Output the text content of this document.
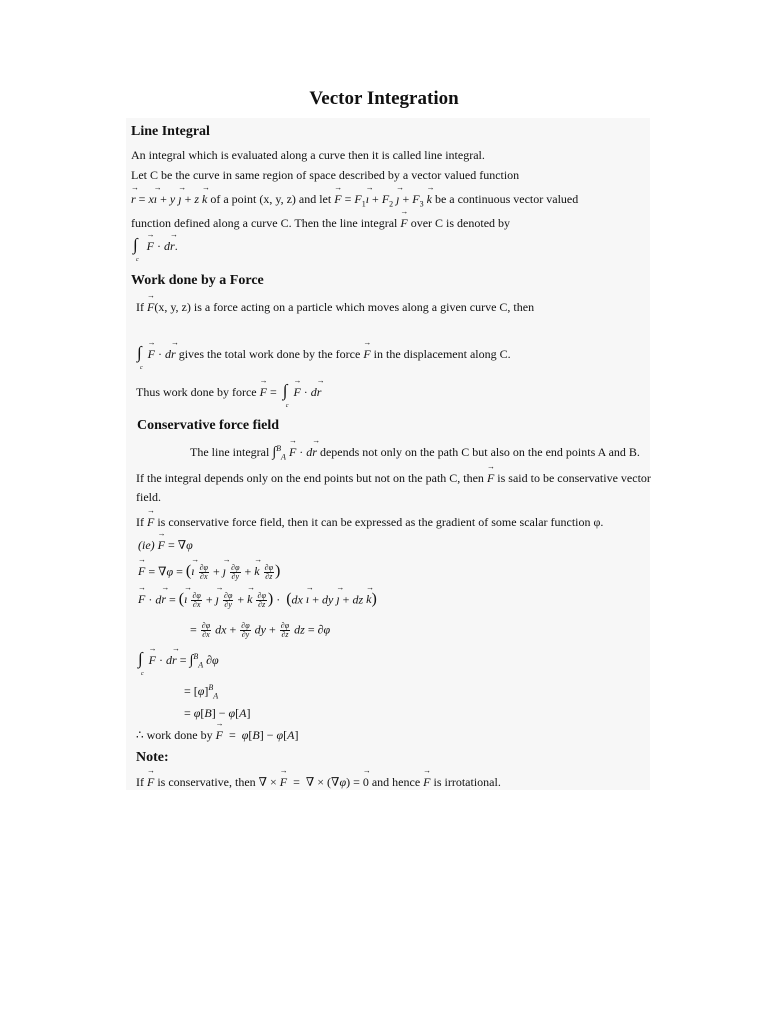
Vector Integration
Line Integral
An integral which is evaluated along a curve then it is called line integral.
Let C be the curve in same region of space described by a vector valued function
→ r = x→ ı + y → ȷ + z → k of a point (x, y, z) and let → $F = F_1\to$ ı + $F_2$ → ȷ + $F_3 \to k$ be a continuous vector valued
function defined along a curve C. Then the line integral → F over C is denoted by
∫
c
→ F · d→ r.
Work done by a Force
If → F(x, y, z) is a force acting on a particle which moves along a given curve C, then
∫
c
→ F · d→ r gives the total work done by the force → F in the displacement along C.
Thus work done by force → F =  ∫
c
→ F · d→ r
Conservative force field
The line integral ∫$^B_A$ → F · d→ r depends not only on the path C but also on the end points A and B.
If the integral depends only on the end points but not on the path C, then → F is said to be conservative vector
field.
If → F is conservative force field, then it can be expressed as the gradient of some scalar function φ.
(ie) → F = ∇φ
→ F = ∇φ = (→ ı $\frac{\partial\varphi}{\partial x}$ + → ȷ $\frac{\partial\varphi}{\partial y}$ + → k $\frac{\partial\varphi}{\partial z}$ )
→ F · d→ r = (→ ı $\frac{\partial\varphi}{\partial x}$ + → ȷ $\frac{\partial\varphi}{\partial y}$ + → k $\frac{\partial\varphi}{\partial z}$ ) ·  (dx → ı + dy → ȷ + dz → k)
= $\frac{\partial\varphi}{\partial x}$ dx + $\frac{\partial\varphi}{\partial y}$ dy + $\frac{\partial\varphi}{\partial z}$ dz = ∂φ
∫
c
→ F · d→ r = ∫$^B_A$ ∂φ
= $[\varphi]^B_A$
= φ[B] − φ[A]
∴ work done by → F  =  φ[B] − φ[A]
Note:
If → F is conservative, then ∇ × → F  =  ∇ × (∇φ) = → 0 and hence → F is irrotational.
